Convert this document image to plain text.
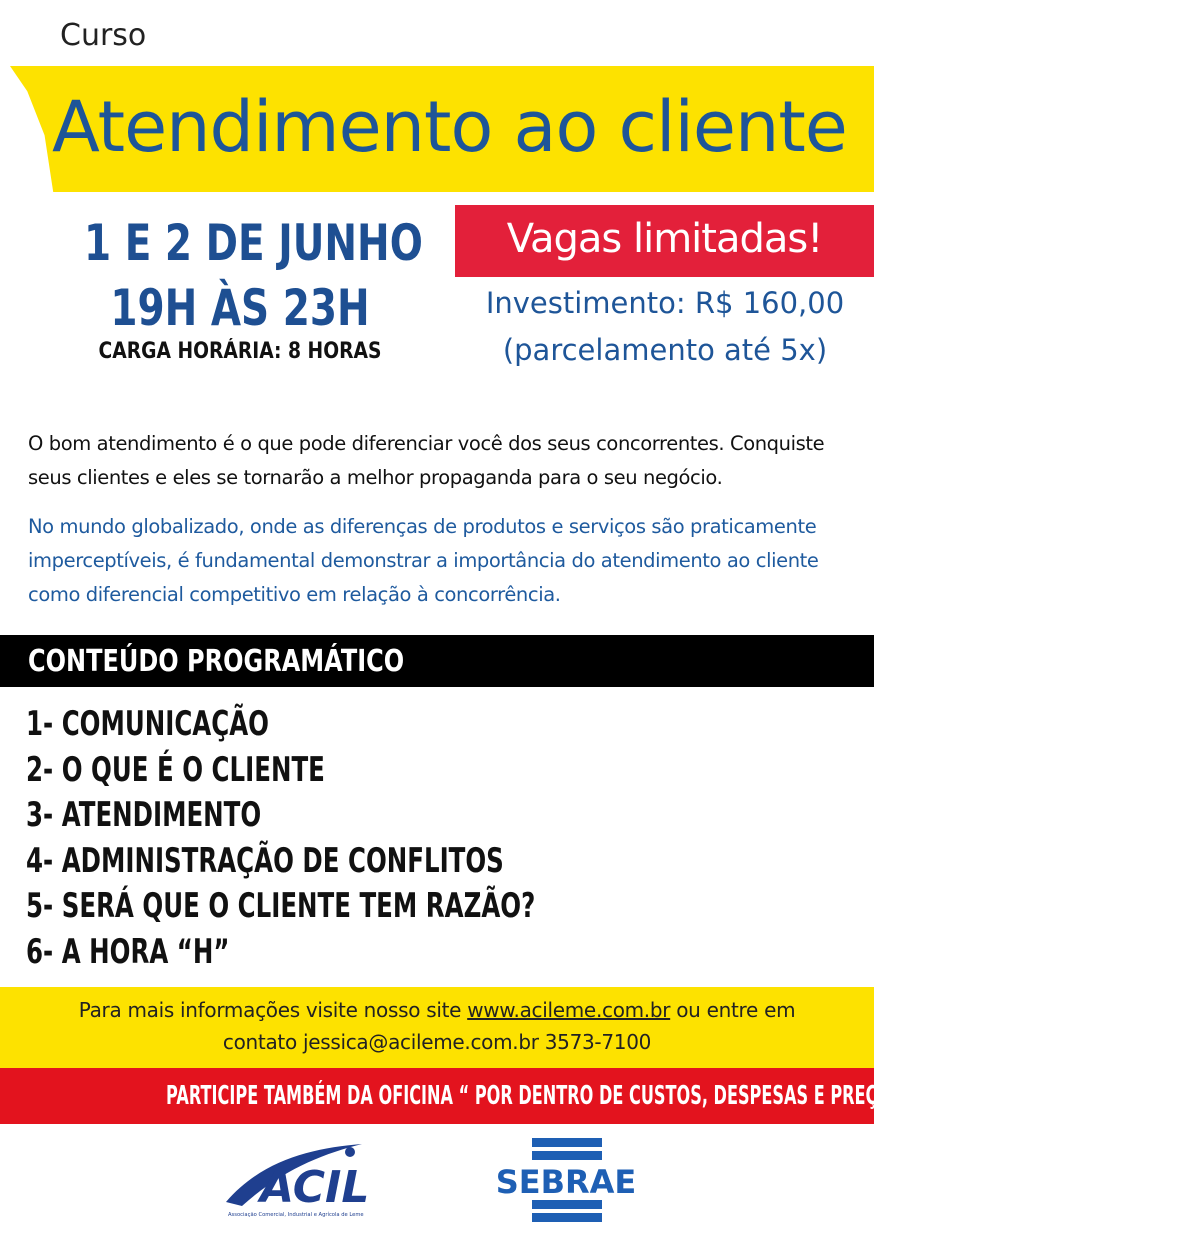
Curso
Atendimento ao cliente
1 E 2 DE JUNHO
19H ÀS 23H
CARGA HORÁRIA: 8 HORAS
Vagas limitadas!
Investimento: R$ 160,00
(parcelamento até 5x)
O bom atendimento é o que pode diferenciar você dos seus concorrentes. Conquiste seus clientes e eles se tornarão a melhor propaganda para o seu negócio.
No mundo globalizado, onde as diferenças de produtos e serviços são praticamente imperceptíveis, é fundamental demonstrar a importância do atendimento ao cliente como diferencial competitivo em relação à concorrência.
CONTEÚDO PROGRAMÁTICO
1- COMUNICAÇÃO
2- O QUE É O CLIENTE
3- ATENDIMENTO
4- ADMINISTRAÇÃO DE CONFLITOS
5- SERÁ QUE O CLIENTE TEM RAZÃO?
6- A HORA “H”
Para mais informações visite nosso site www.acileme.com.br ou entre em
contato jessica@acileme.com.br 3573-7100
PARTICIPE TAMBÉM DA OFICINA “ POR DENTRO DE CUSTOS, DESPESAS E PREÇOS DE VENDA” NO DIA 27/06/2016
ACIL
Associação Comercial, Industrial e Agrícola de Leme
SEBRAE
